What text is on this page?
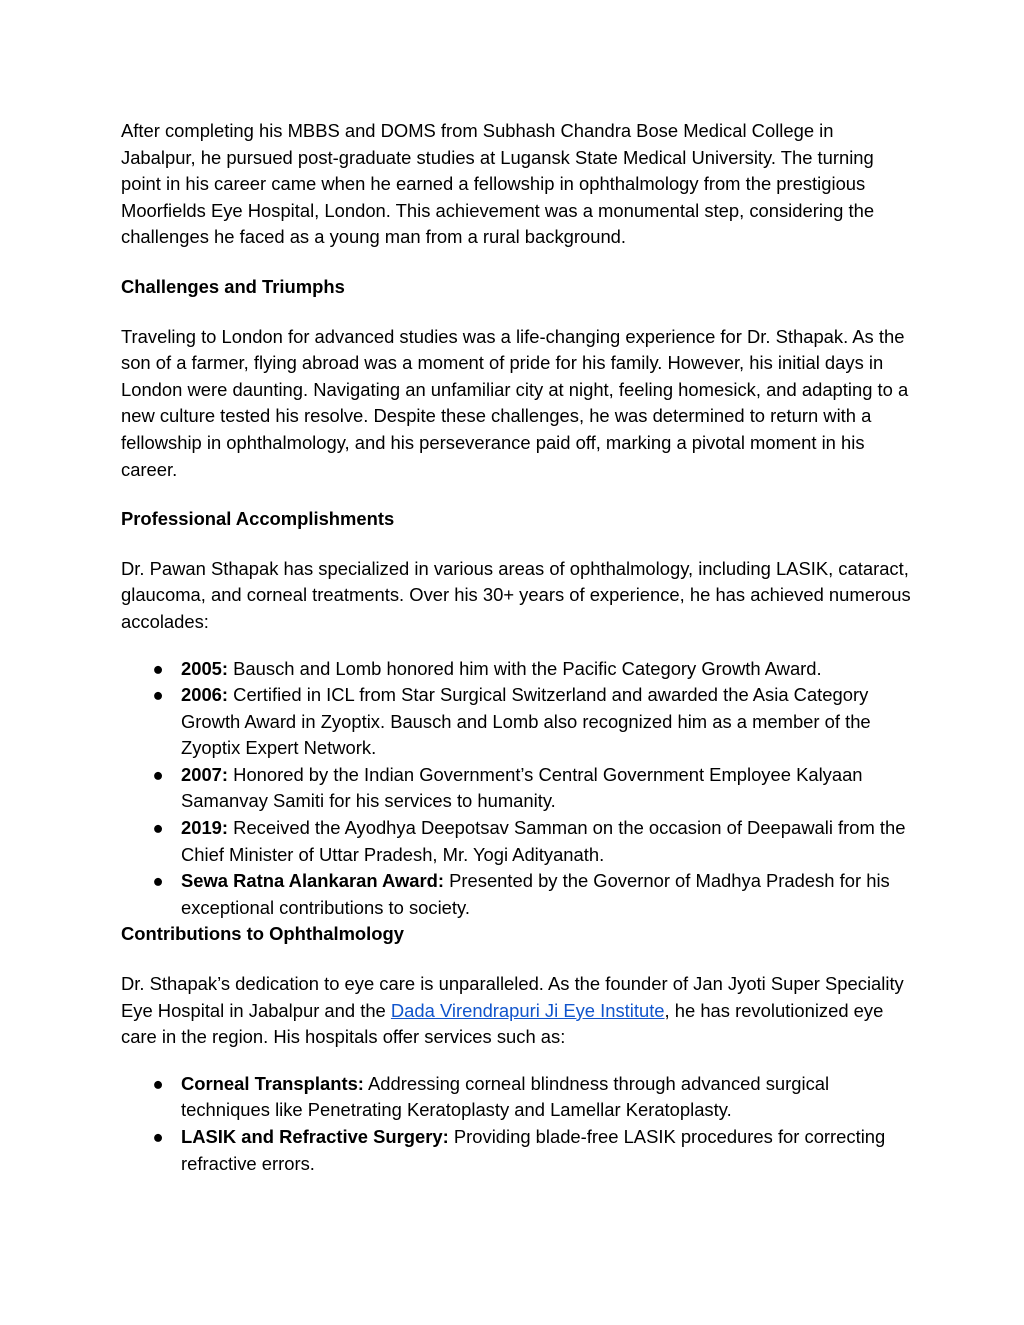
After completing his MBBS and DOMS from Subhash Chandra Bose Medical College in Jabalpur, he pursued post-graduate studies at Lugansk State Medical University. The turning point in his career came when he earned a fellowship in ophthalmology from the prestigious Moorfields Eye Hospital, London. This achievement was a monumental step, considering the challenges he faced as a young man from a rural background.

Challenges and Triumphs

Traveling to London for advanced studies was a life-changing experience for Dr. Sthapak. As the son of a farmer, flying abroad was a moment of pride for his family. However, his initial days in London were daunting. Navigating an unfamiliar city at night, feeling homesick, and adapting to a new culture tested his resolve. Despite these challenges, he was determined to return with a fellowship in ophthalmology, and his perseverance paid off, marking a pivotal moment in his career.

Professional Accomplishments

Dr. Pawan Sthapak has specialized in various areas of ophthalmology, including LASIK, cataract, glaucoma, and corneal treatments. Over his 30+ years of experience, he has achieved numerous accolades:

● 2005: Bausch and Lomb honored him with the Pacific Category Growth Award.
● 2006: Certified in ICL from Star Surgical Switzerland and awarded the Asia Category Growth Award in Zyoptix. Bausch and Lomb also recognized him as a member of the Zyoptix Expert Network.
● 2007: Honored by the Indian Government’s Central Government Employee Kalyaan Samanvay Samiti for his services to humanity.
● 2019: Received the Ayodhya Deepotsav Samman on the occasion of Deepawali from the Chief Minister of Uttar Pradesh, Mr. Yogi Adityanath.
● Sewa Ratna Alankaran Award: Presented by the Governor of Madhya Pradesh for his exceptional contributions to society.
Contributions to Ophthalmology

Dr. Sthapak’s dedication to eye care is unparalleled. As the founder of Jan Jyoti Super Speciality Eye Hospital in Jabalpur and the Dada Virendrapuri Ji Eye Institute, he has revolutionized eye care in the region. His hospitals offer services such as:

● Corneal Transplants: Addressing corneal blindness through advanced surgical techniques like Penetrating Keratoplasty and Lamellar Keratoplasty.
● LASIK and Refractive Surgery: Providing blade-free LASIK procedures for correcting refractive errors.
